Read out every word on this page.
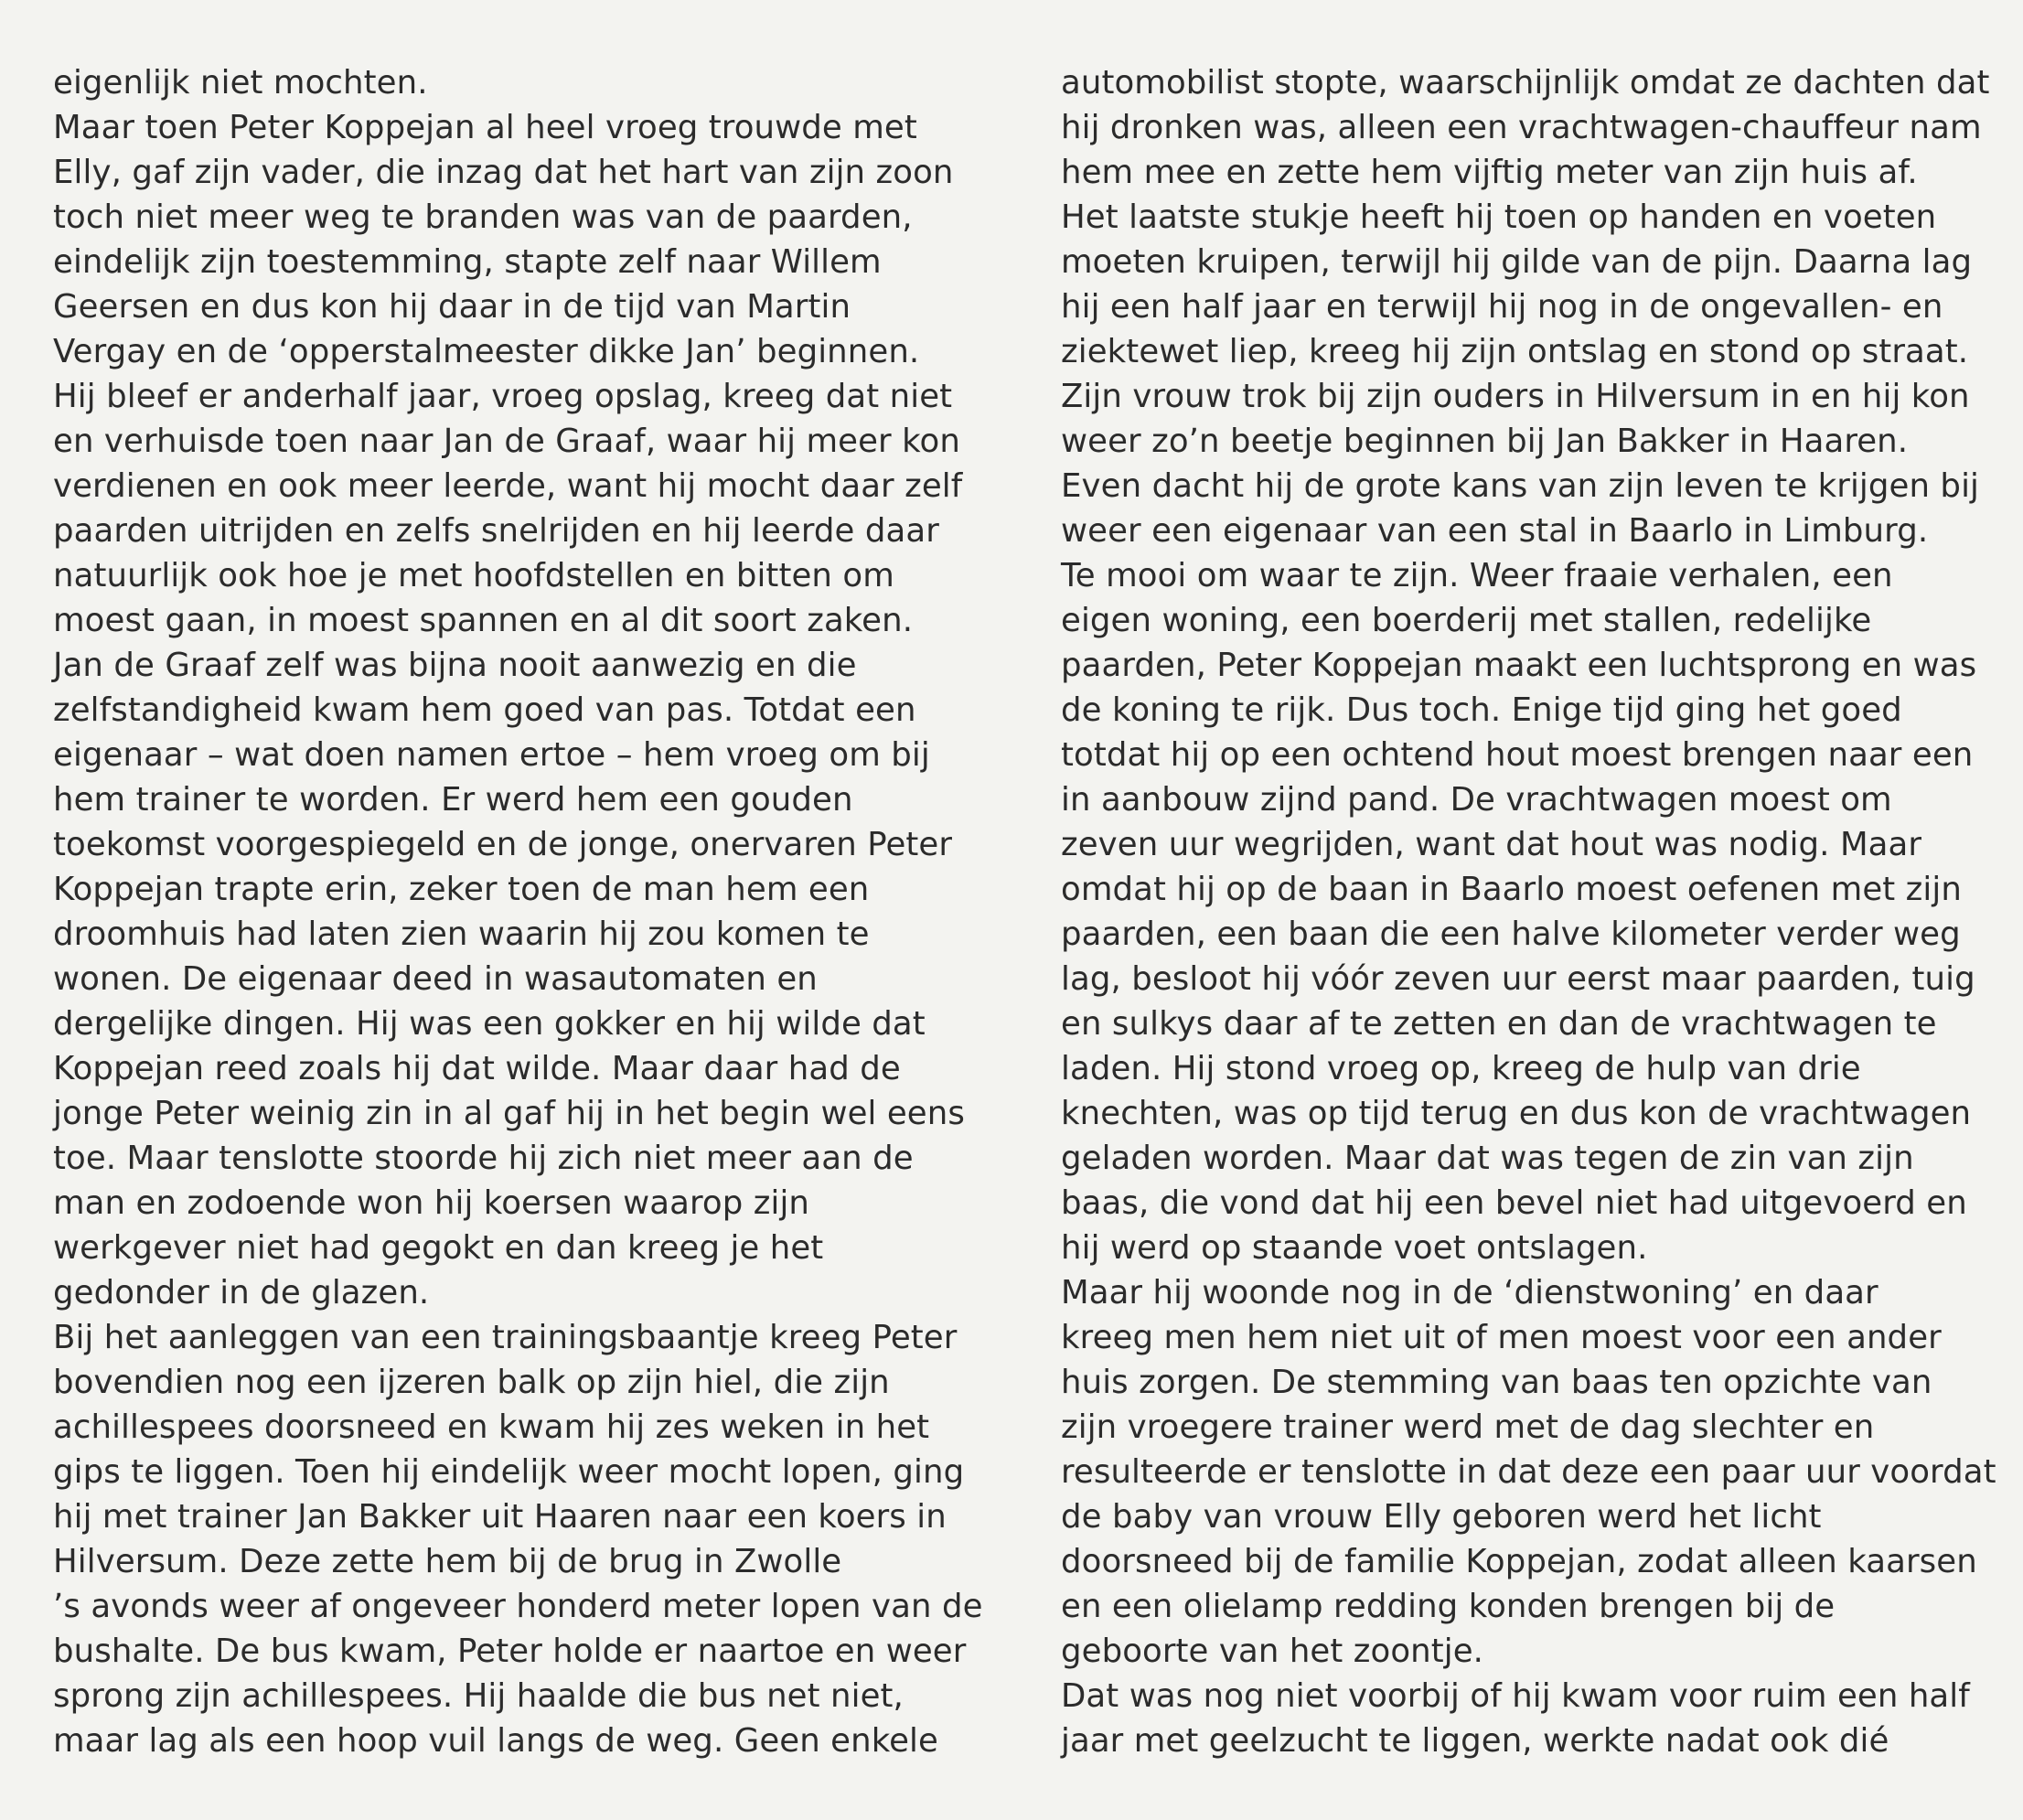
eigenlijk niet mochten.
Maar toen Peter Koppejan al heel vroeg trouwde met
Elly, gaf zijn vader, die inzag dat het hart van zijn zoon
toch niet meer weg te branden was van de paarden,
eindelijk zijn toestemming, stapte zelf naar Willem
Geersen en dus kon hij daar in de tijd van Martin
Vergay en de ‘opperstalmeester dikke Jan’ beginnen.
Hij bleef er anderhalf jaar, vroeg opslag, kreeg dat niet
en verhuisde toen naar Jan de Graaf, waar hij meer kon
verdienen en ook meer leerde, want hij mocht daar zelf
paarden uitrijden en zelfs snelrijden en hij leerde daar
natuurlijk ook hoe je met hoofdstellen en bitten om
moest gaan, in moest spannen en al dit soort zaken.
Jan de Graaf zelf was bijna nooit aanwezig en die
zelfstandigheid kwam hem goed van pas. Totdat een
eigenaar – wat doen namen ertoe – hem vroeg om bij
hem trainer te worden. Er werd hem een gouden
toekomst voorgespiegeld en de jonge, onervaren Peter
Koppejan trapte erin, zeker toen de man hem een
droomhuis had laten zien waarin hij zou komen te
wonen. De eigenaar deed in wasautomaten en
dergelijke dingen. Hij was een gokker en hij wilde dat
Koppejan reed zoals hij dat wilde. Maar daar had de
jonge Peter weinig zin in al gaf hij in het begin wel eens
toe. Maar tenslotte stoorde hij zich niet meer aan de
man en zodoende won hij koersen waarop zijn
werkgever niet had gegokt en dan kreeg je het
gedonder in de glazen.
Bij het aanleggen van een trainingsbaantje kreeg Peter
bovendien nog een ijzeren balk op zijn hiel, die zijn
achillespees doorsneed en kwam hij zes weken in het
gips te liggen. Toen hij eindelijk weer mocht lopen, ging
hij met trainer Jan Bakker uit Haaren naar een koers in
Hilversum. Deze zette hem bij de brug in Zwolle
’s avonds weer af ongeveer honderd meter lopen van de
bushalte. De bus kwam, Peter holde er naartoe en weer
sprong zijn achillespees. Hij haalde die bus net niet,
maar lag als een hoop vuil langs de weg. Geen enkele
automobilist stopte, waarschijnlijk omdat ze dachten dat
hij dronken was, alleen een vrachtwagen-chauffeur nam
hem mee en zette hem vijftig meter van zijn huis af.
Het laatste stukje heeft hij toen op handen en voeten
moeten kruipen, terwijl hij gilde van de pijn. Daarna lag
hij een half jaar en terwijl hij nog in de ongevallen- en
ziektewet liep, kreeg hij zijn ontslag en stond op straat.
Zijn vrouw trok bij zijn ouders in Hilversum in en hij kon
weer zo’n beetje beginnen bij Jan Bakker in Haaren.
Even dacht hij de grote kans van zijn leven te krijgen bij
weer een eigenaar van een stal in Baarlo in Limburg.
Te mooi om waar te zijn. Weer fraaie verhalen, een
eigen woning, een boerderij met stallen, redelijke
paarden, Peter Koppejan maakt een luchtsprong en was
de koning te rijk. Dus toch. Enige tijd ging het goed
totdat hij op een ochtend hout moest brengen naar een
in aanbouw zijnd pand. De vrachtwagen moest om
zeven uur wegrijden, want dat hout was nodig. Maar
omdat hij op de baan in Baarlo moest oefenen met zijn
paarden, een baan die een halve kilometer verder weg
lag, besloot hij vóór zeven uur eerst maar paarden, tuig
en sulkys daar af te zetten en dan de vrachtwagen te
laden. Hij stond vroeg op, kreeg de hulp van drie
knechten, was op tijd terug en dus kon de vrachtwagen
geladen worden. Maar dat was tegen de zin van zijn
baas, die vond dat hij een bevel niet had uitgevoerd en
hij werd op staande voet ontslagen.
Maar hij woonde nog in de ‘dienstwoning’ en daar
kreeg men hem niet uit of men moest voor een ander
huis zorgen. De stemming van baas ten opzichte van
zijn vroegere trainer werd met de dag slechter en
resulteerde er tenslotte in dat deze een paar uur voordat
de baby van vrouw Elly geboren werd het licht
doorsneed bij de familie Koppejan, zodat alleen kaarsen
en een olielamp redding konden brengen bij de
geboorte van het zoontje.
Dat was nog niet voorbij of hij kwam voor ruim een half
jaar met geelzucht te liggen, werkte nadat ook dié
